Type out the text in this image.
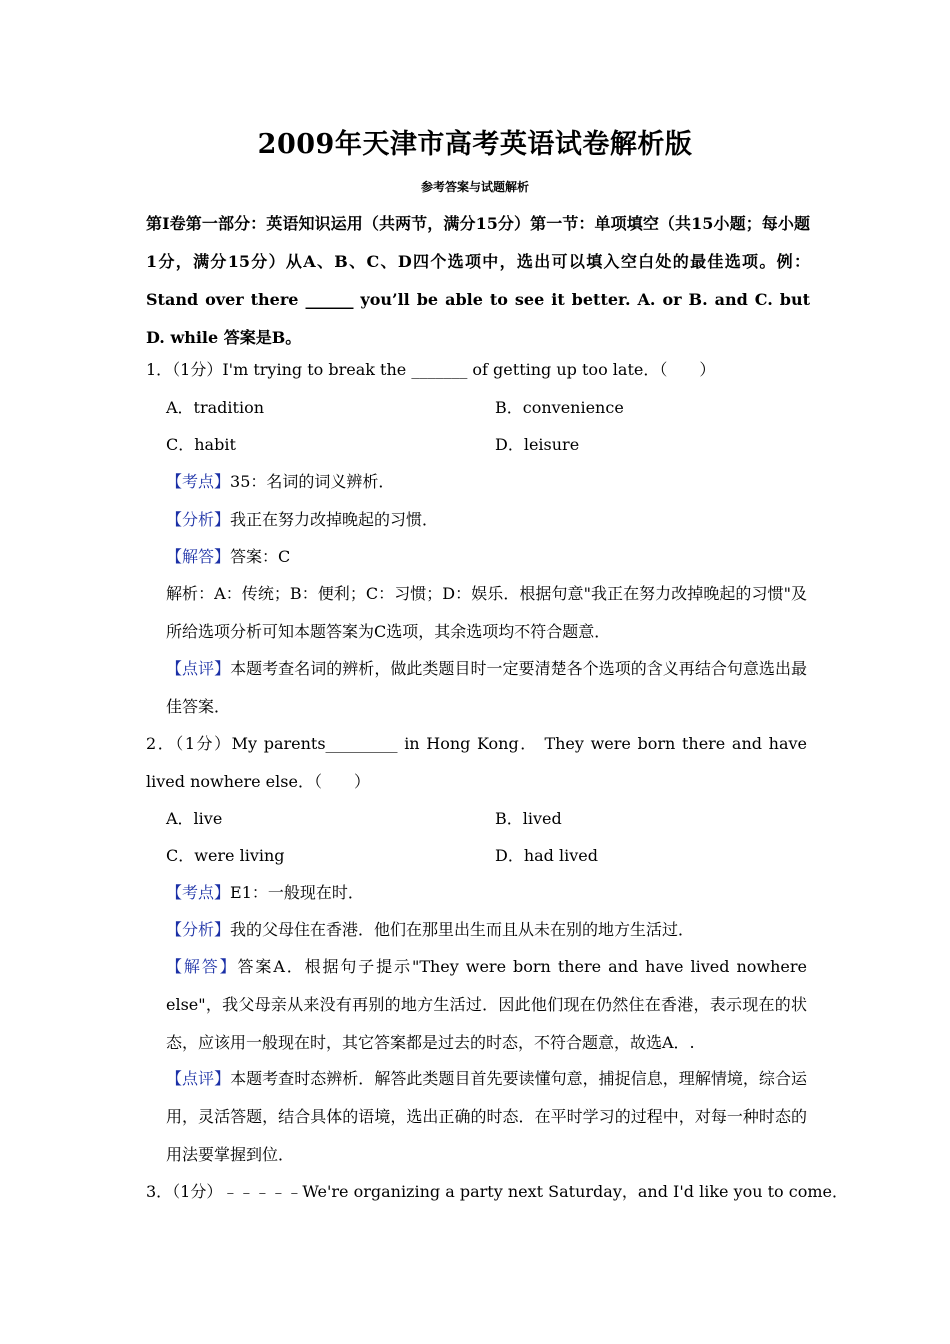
2009年天津市高考英语试卷解析版
参考答案与试题解析
第I卷第一部分：英语知识运用（共两节，满分15分）第一节：单项填空（共15小题；每小题1分，满分15分）从A、B、C、D四个选项中，选出可以填入空白处的最佳选项。例：Stand over there ______ you’ll be able to see it better. A. or B. and C. but D. while 答案是B。
1．（1分）I'm trying to break the _______ of getting up too late．（　　）
A．tradition	B．convenience
C．habit	D．leisure
【考点】35：名词的词义辨析．
【分析】我正在努力改掉晚起的习惯．
【解答】答案：C
解析：A：传统；B：便利；C：习惯；D：娱乐．根据句意"我正在努力改掉晚起的习惯"及所给选项分析可知本题答案为C选项，其余选项均不符合题意．
【点评】本题考查名词的辨析，做此类题目时一定要清楚各个选项的含义再结合句意选出最佳答案．
2．（1分）My parents_________ in Hong Kong． They were born there and have lived nowhere else．（　　）
A．live	B．lived
C．were living	D．had lived
【考点】E1：一般现在时．
【分析】我的父母住在香港．他们在那里出生而且从未在别的地方生活过．
【解答】答案A．根据句子提示"They were born there and have lived nowhere else"，我父母亲从来没有再别的地方生活过．因此他们现在仍然住在香港，表示现在的状态，应该用一般现在时，其它答案都是过去的时态，不符合题意，故选A．.
【点评】本题考查时态辨析．解答此类题目首先要读懂句意，捕捉信息，理解情境，综合运用，灵活答题，结合具体的语境，选出正确的时态．在平时学习的过程中，对每一种时态的用法要掌握到位．
3．（1分）﹣﹣﹣﹣﹣We're organizing a party next Saturday，and I'd like you to come．
